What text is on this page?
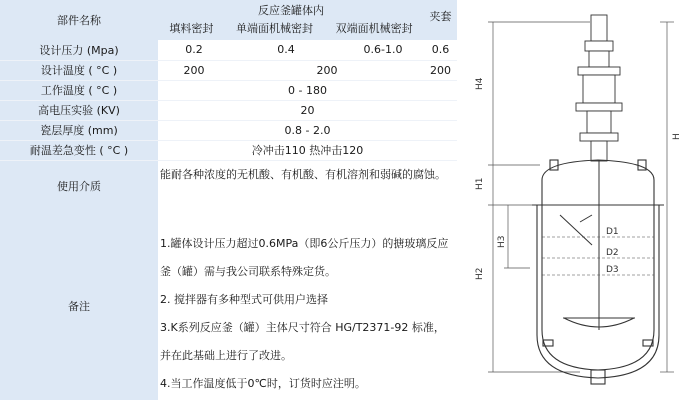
部件名称	反应釜罐体内
填料密封 单端面机械密封 双端面机械密封			夹套
设计压力 (Mpa)	0.2	0.4	0.6-1.0	0.6
设计温度 ( °C )	200	200		200
工作温度 ( °C )	0 - 180			
高电压实验 (KV)	20			
瓷层厚度 (mm)	0.8 - 2.0			
耐温差急变性 ( °C )	冷冲击110 热冲击120			
使用介质	能耐各种浓度的无机酸、有机酸、有机溶剂和弱碱的腐蚀。			
备注	1.罐体设计压力超过0.6MPa（即6公斤压力）的搪玻璃反应釜（罐）需与我公司联系特殊定货。

2. 搅拌器有多种型式可供用户选择

3.K系列反应釜（罐）主体尺寸符合 HG/T2371-92 标准，并在此基础上进行了改进。

4.当工作温度低于0℃时，订货时应注明。			

H4
H
H1
H3
H2
D1
D2
D3
